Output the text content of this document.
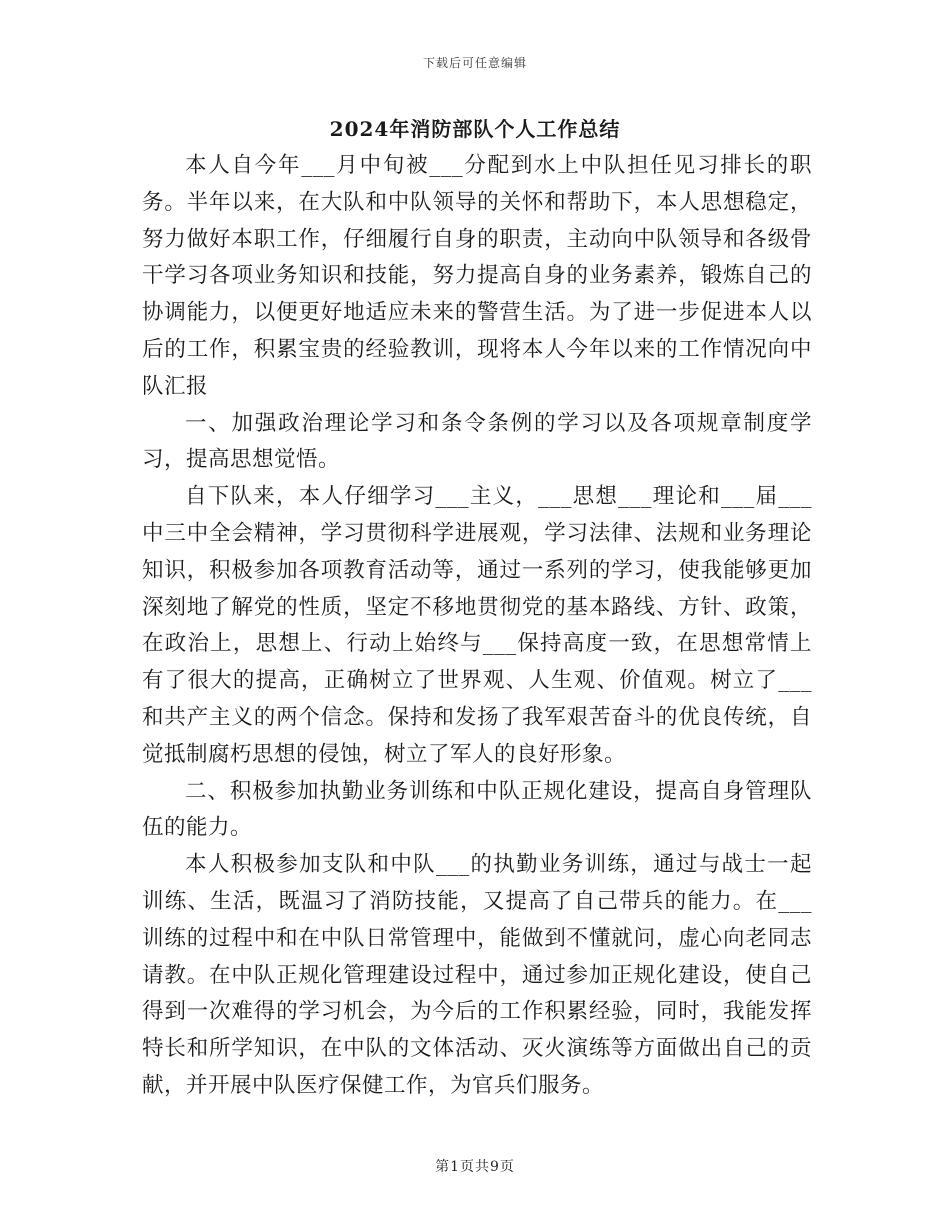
下载后可任意编辑
2024年消防部队个人工作总结

本人自今年___月中旬被___分配到水上中队担任见习排长的职务。半年以来，在大队和中队领导的关怀和帮助下，本人思想稳定，努力做好本职工作，仔细履行自身的职责，主动向中队领导和各级骨干学习各项业务知识和技能，努力提高自身的业务素养，锻炼自己的协调能力，以便更好地适应未来的警营生活。为了进一步促进本人以后的工作，积累宝贵的经验教训，现将本人今年以来的工作情况向中队汇报

一、加强政治理论学习和条令条例的学习以及各项规章制度学习，提高思想觉悟。

自下队来，本人仔细学习___主义，___思想___理论和___届___中三中全会精神，学习贯彻科学进展观，学习法律、法规和业务理论知识，积极参加各项教育活动等，通过一系列的学习，使我能够更加深刻地了解党的性质，坚定不移地贯彻党的基本路线、方针、政策，在政治上，思想上、行动上始终与___保持高度一致，在思想常情上有了很大的提高，正确树立了世界观、人生观、价值观。树立了___和共产主义的两个信念。保持和发扬了我军艰苦奋斗的优良传统，自觉抵制腐朽思想的侵蚀，树立了军人的良好形象。

二、积极参加执勤业务训练和中队正规化建设，提高自身管理队伍的能力。

本人积极参加支队和中队___的执勤业务训练，通过与战士一起训练、生活，既温习了消防技能，又提高了自己带兵的能力。在___训练的过程中和在中队日常管理中，能做到不懂就问，虚心向老同志请教。在中队正规化管理建设过程中，通过参加正规化建设，使自己得到一次难得的学习机会，为今后的工作积累经验，同时，我能发挥特长和所学知识，在中队的文体活动、灭火演练等方面做出自己的贡献，并开展中队医疗保健工作，为官兵们服务。

第1页共9页
